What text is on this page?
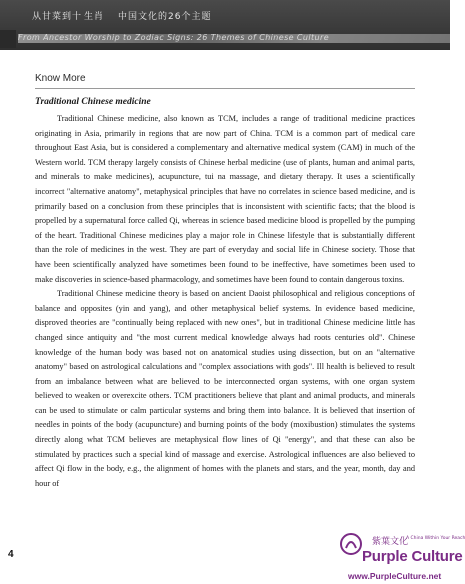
从甘菜到十 生肖 中国文化的26个主题
From Ancestor Worship to Zodiac Signs: 26 Themes of Chinese Culture
Know More
Traditional Chinese medicine

Traditional Chinese medicine, also known as TCM, includes a range of traditional medicine practices originating in Asia, primarily in regions that are now part of China. TCM is a common part of medical care throughout East Asia, but is considered a complementary and alternative medical system (CAM) in much of the Western world. TCM therapy largely consists of Chinese herbal medicine (use of plants, human and animal parts, and minerals to make medicines), acupuncture, tui na massage, and dietary therapy. It uses a scientifically incorrect "alternative anatomy", metaphysical principles that have no correlates in science based medicine, and is primarily based on a conclusion from these principles that is inconsistent with scientific facts; that the blood is propelled by a supernatural force called Qi, whereas in science based medicine blood is propelled by the pumping of the heart. Traditional Chinese medicines play a major role in Chinese lifestyle that is substantially different than the role of medicines in the west. They are part of everyday and social life in Chinese society. Those that have been scientifically analyzed have sometimes been found to be ineffective, have sometimes been used to make discoveries in science-based pharmacology, and sometimes have been found to contain dangerous toxins.

Traditional Chinese medicine theory is based on ancient Daoist philosophical and religious conceptions of balance and opposites (yin and yang), and other metaphysical belief systems. In evidence based medicine, disproved theories are "continually being replaced with new ones", but in traditional Chinese medicine little has changed since antiquity and "the most current medical knowledge always had roots centuries old". Chinese knowledge of the human body was based not on anatomical studies using dissection, but on an "alternative anatomy" based on astrological calculations and "complex associations with gods". Ill health is believed to result from an imbalance between what are believed to be interconnected organ systems, with one organ system believed to weaken or overexcite others. TCM practitioners believe that plant and animal products, and minerals can be used to stimulate or calm particular systems and bring them into balance. It is believed that insertion of needles in points of the body (acupuncture) and burning points of the body (moxibustion) stimulates the systems directly along what TCM believes are metaphysical flow lines of Qi "energy", and that these can also be stimulated by practices such a special kind of massage and exercise. Astrological influences are also believed to affect Qi flow in the body, e.g., the alignment of homes with the planets and stars, and the year, month, day and hour of

4
紫葉文化
A China Within Your Reach
Purple Culture
www.PurpleCulture.net
